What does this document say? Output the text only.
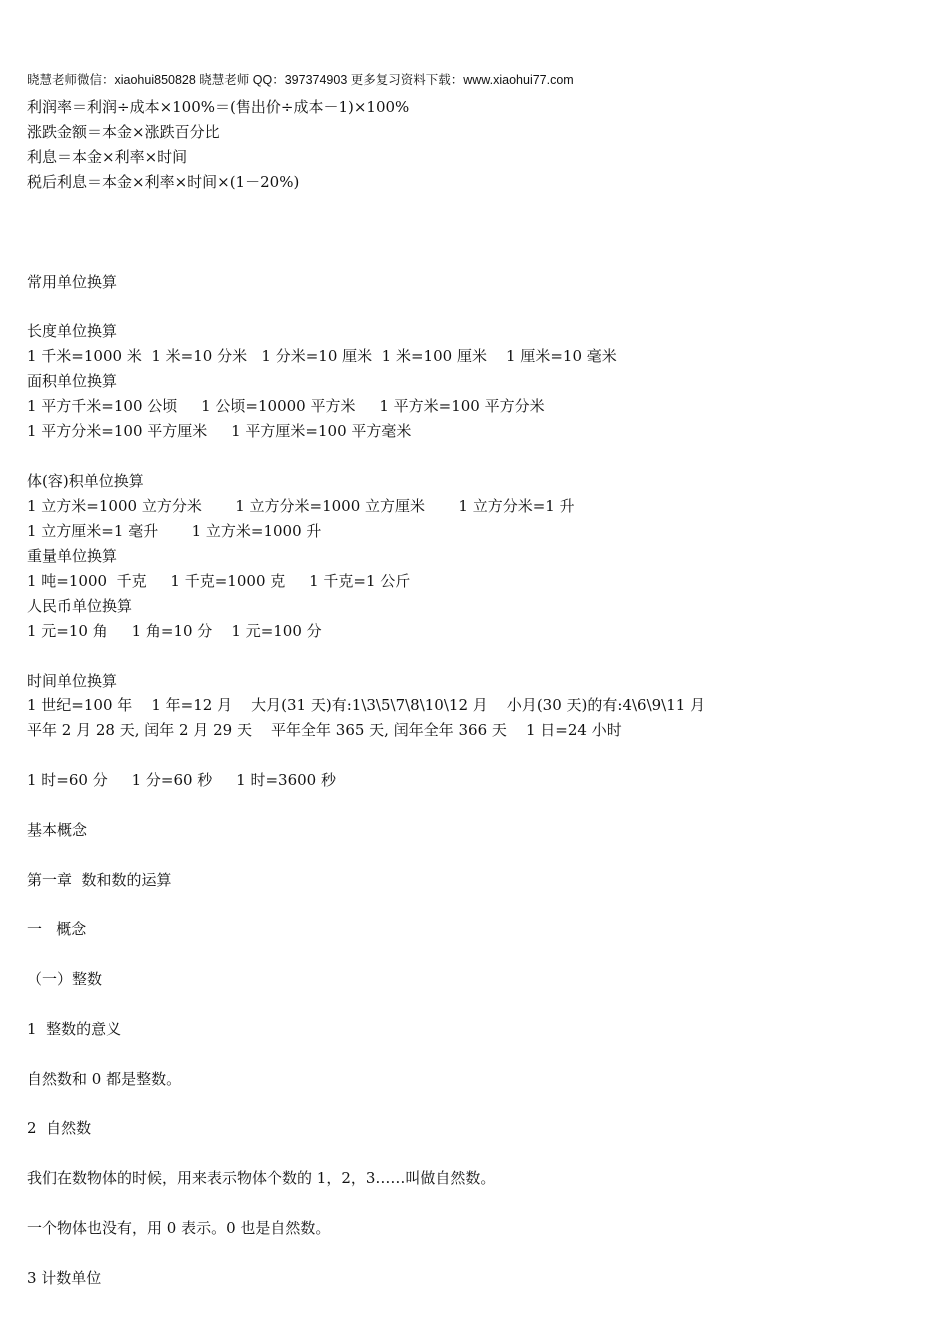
晓慧老师微信：xiaohui850828 晓慧老师 QQ：397374903 更多复习资料下载：www.xiaohui77.com
利润率＝利润÷成本×100%＝(售出价÷成本－1)×100%
涨跌金额＝本金×涨跌百分比
利息＝本金×利率×时间
税后利息＝本金×利率×时间×(1－20%)
常用单位换算
长度单位换算
1 千米=1000 米  1 米=10 分米   1 分米=10 厘米  1 米=100 厘米    1 厘米=10 毫米
面积单位换算
1 平方千米=100 公顷     1 公顷=10000 平方米     1 平方米=100 平方分米
1 平方分米=100 平方厘米     1 平方厘米=100 平方毫米
体(容)积单位换算
1 立方米=1000 立方分米       1 立方分米=1000 立方厘米       1 立方分米=1 升
1 立方厘米=1 毫升       1 立方米=1000 升
重量单位换算
1 吨=1000  千克     1 千克=1000 克     1 千克=1 公斤
人民币单位换算
1 元=10 角     1 角=10 分    1 元=100 分
时间单位换算
1 世纪=100 年    1 年=12 月    大月(31 天)有:1\3\5\7\8\10\12 月    小月(30 天)的有:4\6\9\11 月
平年 2 月 28 天, 闰年 2 月 29 天    平年全年 365 天, 闰年全年 366 天    1 日=24 小时
1 时=60 分     1 分=60 秒     1 时=3600 秒
基本概念
第一章  数和数的运算
一   概念
（一）整数
1  整数的意义
自然数和 0 都是整数。
2  自然数
我们在数物体的时候，用来表示物体个数的 1，2，3……叫做自然数。
一个物体也没有，用 0 表示。0 也是自然数。
3 计数单位
